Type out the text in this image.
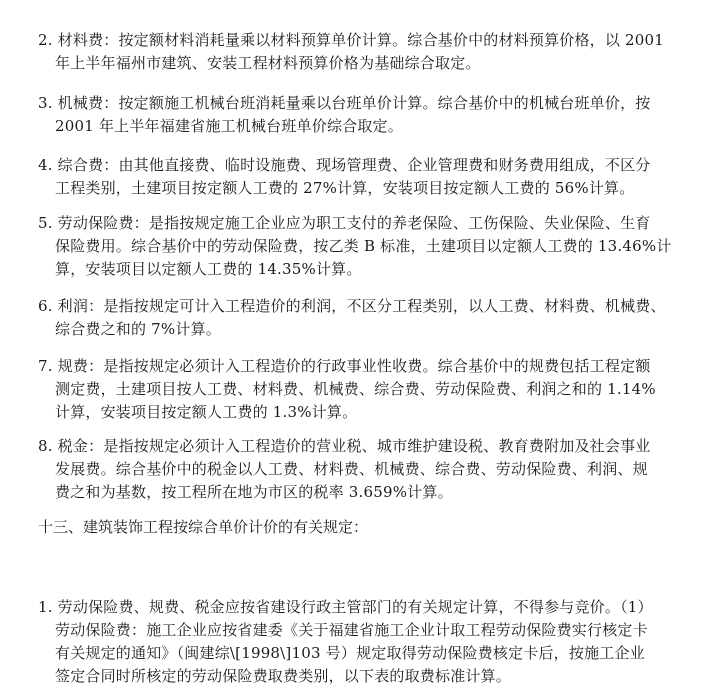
2. 材料费：按定额材料消耗量乘以材料预算单价计算。综合基价中的材料预算价格，以 2001
年上半年福州市建筑、安装工程材料预算价格为基础综合取定。
3. 机械费：按定额施工机械台班消耗量乘以台班单价计算。综合基价中的机械台班单价，按
2001 年上半年福建省施工机械台班单价综合取定。
4. 综合费：由其他直接费、临时设施费、现场管理费、企业管理费和财务费用组成，不区分
工程类别，土建项目按定额人工费的 27%计算，安装项目按定额人工费的 56%计算。
5. 劳动保险费：是指按规定施工企业应为职工支付的养老保险、工伤保险、失业保险、生育
保险费用。综合基价中的劳动保险费，按乙类 B 标准，土建项目以定额人工费的 13.46%计
算，安装项目以定额人工费的 14.35%计算。
6. 利润：是指按规定可计入工程造价的利润，不区分工程类别，以人工费、材料费、机械费、
综合费之和的 7%计算。
7. 规费：是指按规定必须计入工程造价的行政事业性收费。综合基价中的规费包括工程定额
测定费，土建项目按人工费、材料费、机械费、综合费、劳动保险费、利润之和的 1.14%
计算，安装项目按定额人工费的 1.3%计算。
8. 税金：是指按规定必须计入工程造价的营业税、城市维护建设税、教育费附加及社会事业
发展费。综合基价中的税金以人工费、材料费、机械费、综合费、劳动保险费、利润、规
费之和为基数，按工程所在地为市区的税率 3.659%计算。
十三、建筑装饰工程按综合单价计价的有关规定：
1. 劳动保险费、规费、税金应按省建设行政主管部门的有关规定计算，不得参与竞价。（1）
劳动保险费：施工企业应按省建委《关于福建省施工企业计取工程劳动保险费实行核定卡
有关规定的通知》（闽建综\[1998\]103 号）规定取得劳动保险费核定卡后，按施工企业
签定合同时所核定的劳动保险费取费类别，以下表的取费标准计算。
